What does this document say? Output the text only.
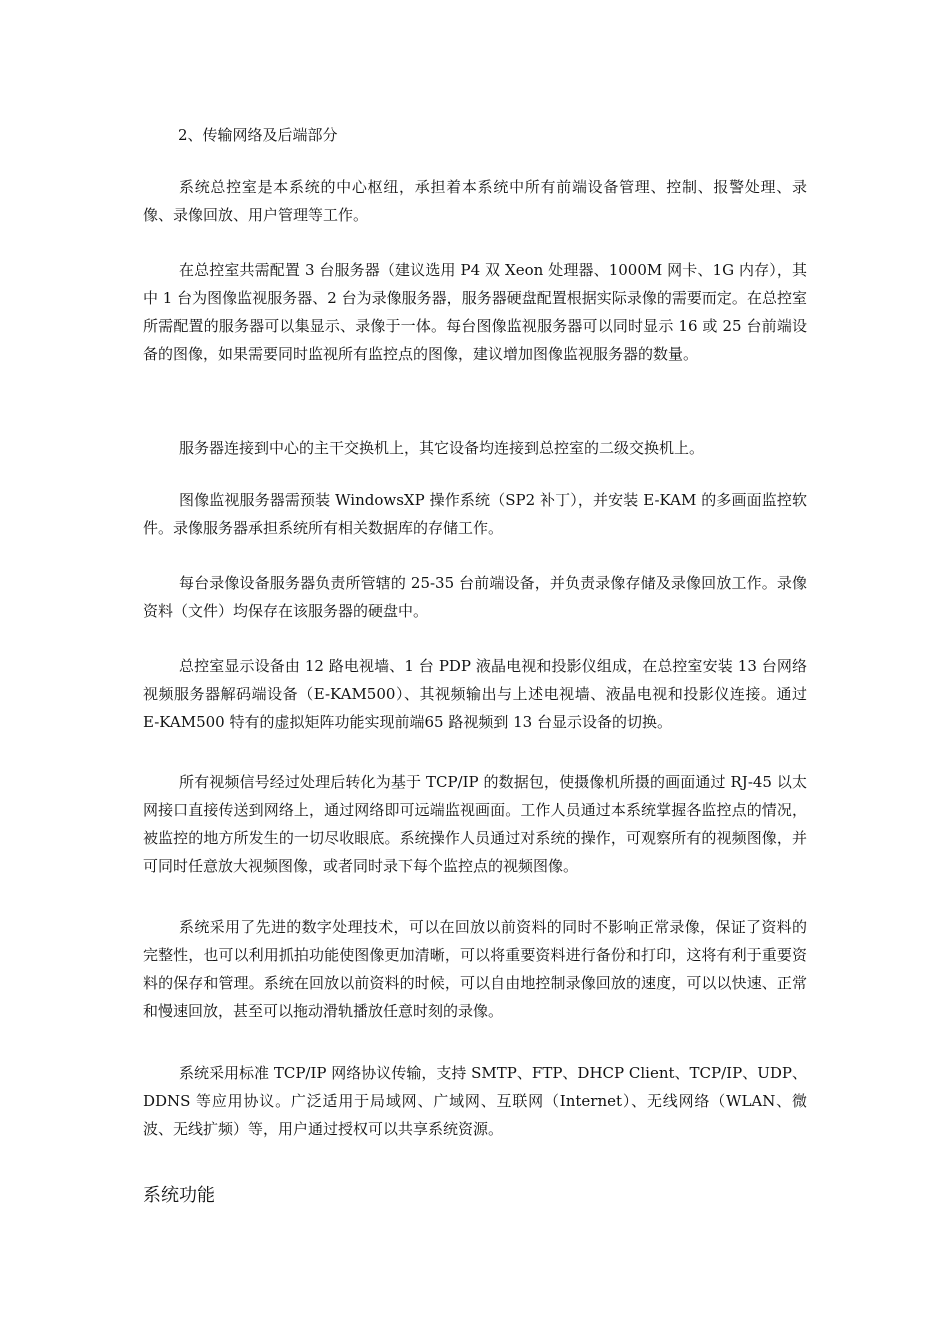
2、传输网络及后端部分

系统总控室是本系统的中心枢纽，承担着本系统中所有前端设备管理、控制、报警处理、录像、录像回放、用户管理等工作。

在总控室共需配置 3 台服务器（建议选用 P4 双 Xeon 处理器、1000M 网卡、1G 内存），其中 1 台为图像监视服务器、2 台为录像服务器，服务器硬盘配置根据实际录像的需要而定。在总控室所需配置的服务器可以集显示、录像于一体。每台图像监视服务器可以同时显示 16 或 25 台前端设备的图像，如果需要同时监视所有监控点的图像，建议增加图像监视服务器的数量。

服务器连接到中心的主干交换机上，其它设备均连接到总控室的二级交换机上。

图像监视服务器需预装 WindowsXP 操作系统（SP2 补丁），并安装 E-KAM 的多画面监控软件。录像服务器承担系统所有相关数据库的存储工作。

每台录像设备服务器负责所管辖的 25-35 台前端设备，并负责录像存储及录像回放工作。录像资料（文件）均保存在该服务器的硬盘中。

总控室显示设备由 12 路电视墙、1 台 PDP 液晶电视和投影仪组成，在总控室安装 13 台网络视频服务器解码端设备（E-KAM500）、其视频输出与上述电视墙、液晶电视和投影仪连接。通过 E-KAM500 特有的虚拟矩阵功能实现前端65 路视频到 13 台显示设备的切换。

所有视频信号经过处理后转化为基于 TCP/IP 的数据包，使摄像机所摄的画面通过 RJ-45 以太网接口直接传送到网络上，通过网络即可远端监视画面。工作人员通过本系统掌握各监控点的情况，被监控的地方所发生的一切尽收眼底。系统操作人员通过对系统的操作，可观察所有的视频图像，并可同时任意放大视频图像，或者同时录下每个监控点的视频图像。

系统采用了先进的数字处理技术，可以在回放以前资料的同时不影响正常录像，保证了资料的完整性，也可以利用抓拍功能使图像更加清晰，可以将重要资料进行备份和打印，这将有利于重要资料的保存和管理。系统在回放以前资料的时候，可以自由地控制录像回放的速度，可以以快速、正常和慢速回放，甚至可以拖动滑轨播放任意时刻的录像。

系统采用标准 TCP/IP 网络协议传输，支持 SMTP、FTP、DHCP Client、TCP/IP、UDP、DDNS 等应用协议。广泛适用于局域网、广域网、互联网（Internet）、无线网络（WLAN、微波、无线扩频）等，用户通过授权可以共享系统资源。

系统功能
